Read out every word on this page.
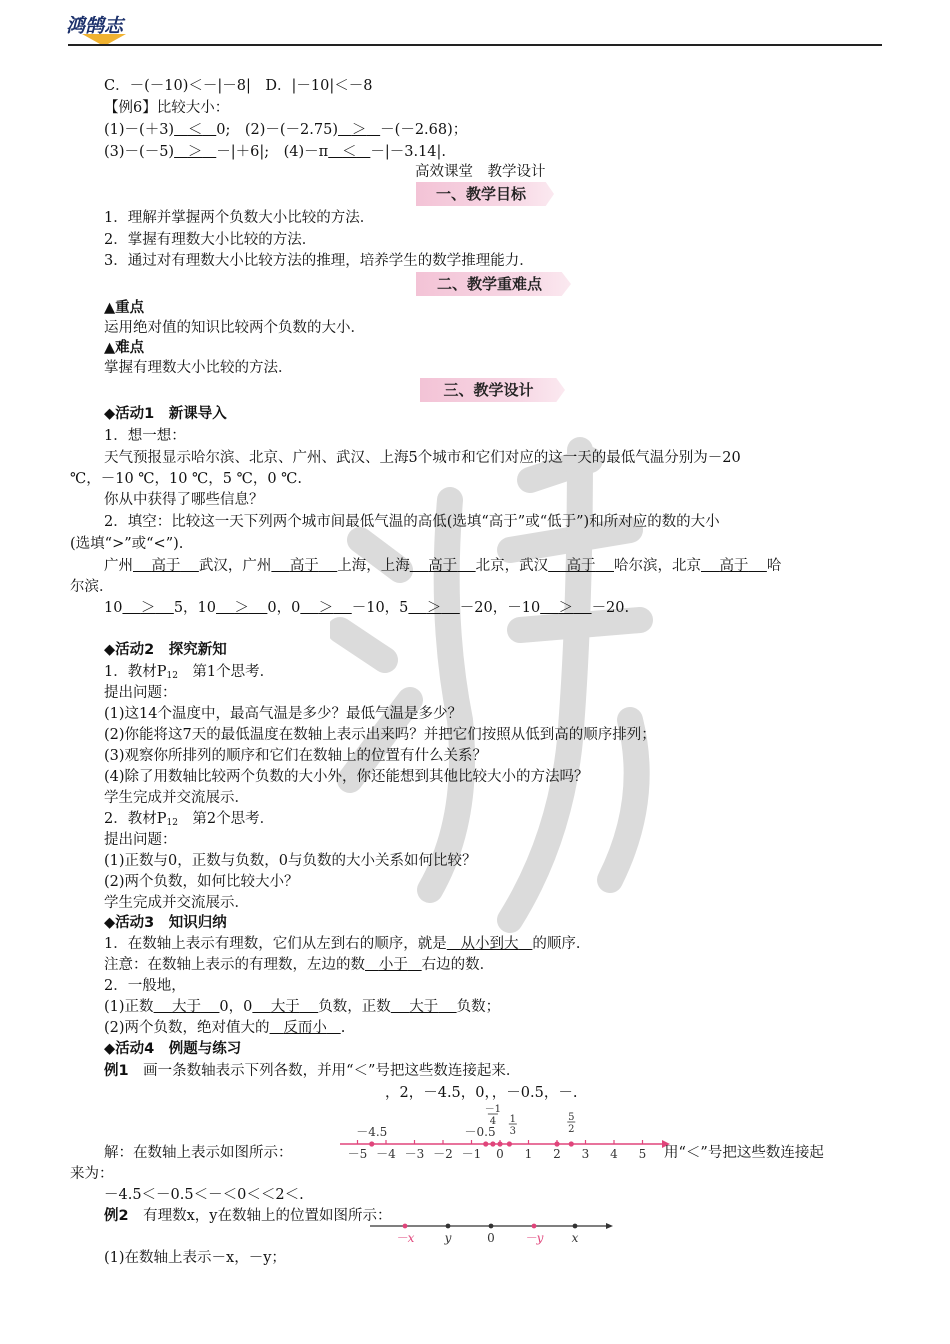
鸿鹄志
C．－(－10)＜－|－8|　D．|－10|＜－8
【例6】比较大小：
(1)－(＋3) ＜ 0;　(2)－(－2.75) ＞ －(－2.68)；
(3)－(－5) ＞ －|＋6|;　(4)－π ＜ －|－3.14|.
高效课堂　教学设计
一、教学目标
1．理解并掌握两个负数大小比较的方法．
2．掌握有理数大小比较的方法．
3．通过对有理数大小比较方法的推理，培养学生的数学推理能力．
二、教学重难点
▲重点
运用绝对值的知识比较两个负数的大小．
▲难点
掌握有理数大小比较的方法．
三、教学设计
◆活动1　新课导入
1．想一想：
天气预报显示哈尔滨、北京、广州、武汉、上海5个城市和它们对应的这一天的最低气温分别为－20
℃，－10 ℃，10 ℃，5 ℃，0 ℃.
你从中获得了哪些信息？
2．填空：比较这一天下列两个城市间最低气温的高低(选填“高于”或“低于”)和所对应的数的大小
(选填“>”或“<”).
广州 高于 武汉，广州 高于 上海，上海 高于 北京，武汉 高于 哈尔滨，北京 高于 哈
尔滨．
10 ＞ 5，10 ＞ 0，0 ＞ －10，5 ＞ －20，－10 ＞ －20.
◆活动2　探究新知
1．教材$P_{12}$　第1个思考．
提出问题：
(1)这14个温度中，最高气温是多少？最低气温是多少？
(2)你能将这7天的最低温度在数轴上表示出来吗？并把它们按照从低到高的顺序排列；
(3)观察你所排列的顺序和它们在数轴上的位置有什么关系？
(4)除了用数轴比较两个负数的大小外，你还能想到其他比较大小的方法吗？
学生完成并交流展示．
2．教材$P_{12}$　第2个思考．
提出问题：
(1)正数与0，正数与负数，0与负数的大小关系如何比较？
(2)两个负数，如何比较大小？
学生完成并交流展示．
◆活动3　知识归纳
1．在数轴上表示有理数，它们从左到右的顺序，就是 从小到大 的顺序．
注意：在数轴上表示的有理数，左边的数 小于 右边的数．
2．一般地，
(1)正数 大于 0，0 大于 负数，正数 大于 负数；
(2)两个负数，绝对值大的 反而小 .
◆活动4　例题与练习
例1　画一条数轴表示下列各数，并用“＜”号把这些数连接起来．
，2，－4.5，0，，－0.5，－.
－5 －4 －3 －2 －1 0 1 2 3 4 5
－4.5	－0.5
－1
4 1
3
5
2
解：在数轴上表示如图所示：	用“＜”号把这些数连接起
来为：
－4.5＜－0.5＜－＜0＜＜2＜.
例2　有理数x，y在数轴上的位置如图所示：
－x	y	0 －y x
(1)在数轴上表示－x，－y；
